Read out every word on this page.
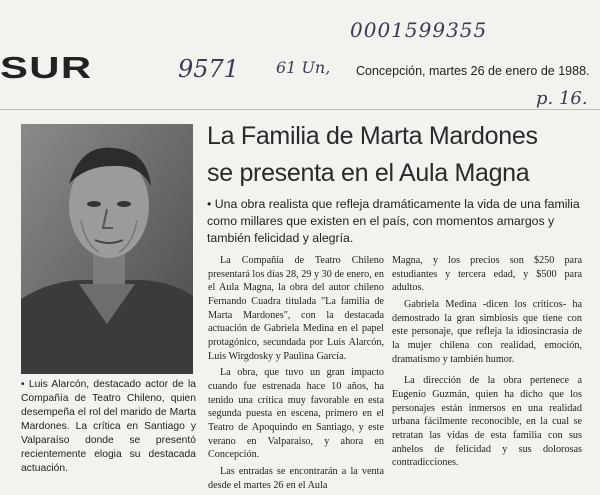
SUR
0001599355
9571 61 Un, Concepción, martes 26 de enero de 1988.
p. 16.
• Luis Alarcón, destacado actor de la Compañía de Teatro Chileno, quien desempeña el rol del marido de Marta Mardones. La crítica en Santiago y Valparaíso donde se presentó recientemente elogia su destacada actuación.
La Familia de Marta Mardones
se presenta en el Aula Magna
• Una obra realista que refleja dramáticamente la vida de una familia como millares que existen en el país, con momentos amargos y también felicidad y alegría.

La Compañía de Teatro Chileno presentará los días 28, 29 y 30 de enero, en el Aula Magna, la obra del autor chileno Fernando Cuadra titulada "La familia de Marta Mardones", con la destacada actuación de Gabriela Medina en el papel protagónico, secundada por Luis Alarcón, Luis Wirgdosky y Paulina García.

La obra, que tuvo un gran impacto cuando fue estrenada hace 10 años, ha tenido una crítica muy favorable en esta segunda puesta en escena, primero en el Teatro de Apoquindo en Santiago, y este verano en Valparaíso, y ahora en Concepción.

Las entradas se encontrarán a la venta desde el martes 26 en el Aula

Magna, y los precios son $250 para estudiantes y tercera edad, y $500 para adultos.

Gabriela Medina -dicen los críticos- ha demostrado la gran simbiosis que tiene con este personaje, que refleja la idiosincrasia de la mujer chilena con realidad, emoción, dramatismo y también humor.

La dirección de la obra pertenece a Eugenio Guzmán, quien ha dicho que los personajes están inmersos en una realidad urbana fácilmente reconocible, en la cual se retratan las vidas de esta familia con sus anhelos de felicidad y sus dolorosas contradicciones.
